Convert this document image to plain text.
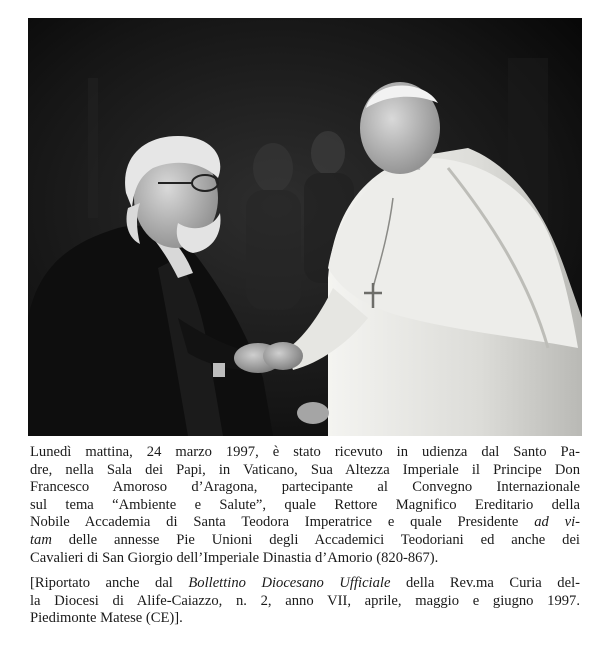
Lunedì mattina, 24 marzo 1997, è stato ricevuto in udienza dal Santo Pa-
dre, nella Sala dei Papi, in Vaticano, Sua Altezza Imperiale il Principe Don
Francesco Amoroso d’Aragona, partecipante al Convegno Internazionale
sul tema “Ambiente e Salute”, quale Rettore Magnifico Ereditario della
Nobile Accademia di Santa Teodora Imperatrice e quale Presidente ad vi-
tam delle annesse Pie Unioni degli Accademici Teodoriani ed anche dei
Cavalieri di San Giorgio dell’Imperiale Dinastia d’Amorio (820-867).

[Riportato anche dal Bollettino Diocesano Ufficiale della Rev.ma Curia del-
la Diocesi di Alife-Caiazzo, n. 2, anno VII, aprile, maggio e giugno 1997.
Piedimonte Matese (CE)].
